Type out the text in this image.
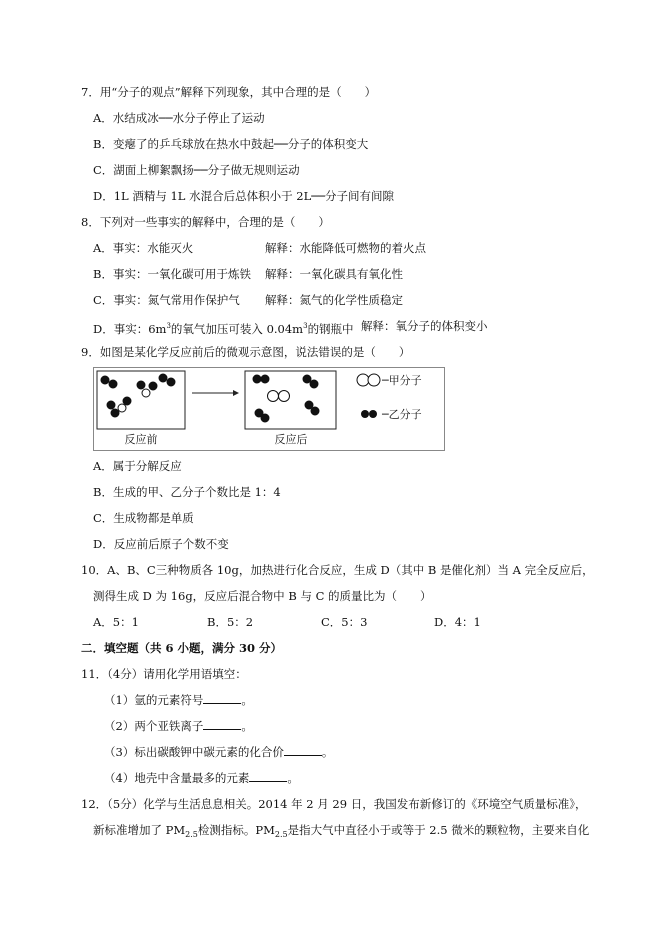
7．用“分子的观点”解释下列现象，其中合理的是（　　）
A．水结成冰──水分子停止了运动
B．变瘪了的乒乓球放在热水中鼓起──分子的体积变大
C．湖面上柳絮飘扬──分子做无规则运动
D．1L 酒精与 1L 水混合后总体积小于 2L──分子间有间隙
8．下列对一些事实的解释中，合理的是（　　）
A．事实：水能灭火	解释：水能降低可燃物的着火点
B．事实：一氧化碳可用于炼铁 解释：一氧化碳具有氧化性
C．事实：氮气常用作保护气 解释：氮气的化学性质稳定
D．事实：$6m^3$的氧气加压可装入 $0.04m^3$的钢瓶中 解释：氧分子的体积变小
9．如图是某化学反应前后的微观示意图，说法错误的是（　　）
反应前	反应后
─甲分子
─乙分子
A．属于分解反应
B．生成的甲、乙分子个数比是 1：4
C．生成物都是单质
D．反应前后原子个数不变
10．A、B、C三种物质各 10g，加热进行化合反应，生成 D（其中 B 是催化剂）当 A 完全反应后，
测得生成 D 为 16g，反应后混合物中 B 与 C 的质量比为（　　）
A．5：1	B．5：2	C．5：3	D．4：1
二．填空题（共 6 小题，满分 30 分）
11．（4分）请用化学用语填空：
（1）氩的元素符号	。
（2）两个亚铁离子	。
（3）标出碳酸钾中碳元素的化合价	。
（4）地壳中含量最多的元素	。
12．（5分）化学与生活息息相关。2014 年 2 月 29 日，我国发布新修订的《环境空气质量标准》，
新标准增加了 $PM_{2.5}$检测指标。$PM_{2.5}$是指大气中直径小于或等于 2.5 微米的颗粒物，主要来自化
